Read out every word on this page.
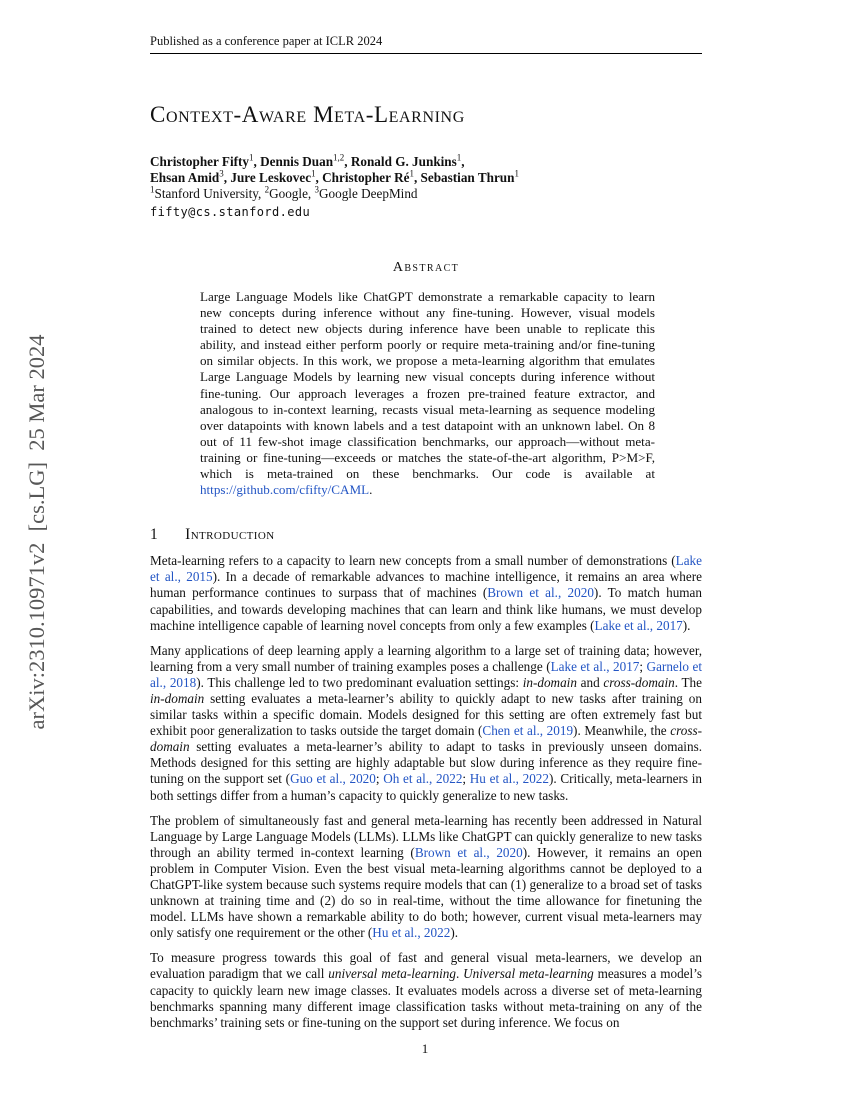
arXiv:2310.10971v2  [cs.LG]  25 Mar 2024
Published as a conference paper at ICLR 2024
Context-Aware Meta-Learning

Christopher Fifty$^1$, Dennis Duan$^{1,2}$, Ronald G. Junkins$^1$,

Ehsan Amid$^3$, Jure Leskovec$^1$, Christopher $Ré^1$, Sebastian Thrun$^1$

$^1$Stanford University, $^2$Google, $^3$Google DeepMind

fifty@cs.stanford.edu

Abstract

Large Language Models like ChatGPT demonstrate a remarkable capacity to learn new concepts during inference without any fine-tuning. However, visual models trained to detect new objects during inference have been unable to replicate this ability, and instead either perform poorly or require meta-training and/or fine-tuning on similar objects. In this work, we propose a meta-learning algorithm that emulates Large Language Models by learning new visual concepts during inference without fine-tuning. Our approach leverages a frozen pre-trained feature extractor, and analogous to in-context learning, recasts visual meta-learning as sequence modeling over datapoints with known labels and a test datapoint with an unknown label. On 8 out of 11 few-shot image classification benchmarks, our approach—without meta-training or fine-tuning—exceeds or matches the state-of-the-art algorithm, P>M>F, which is meta-trained on these benchmarks. Our code is available at https://github.com/cfifty/CAML.

1 Introduction

Meta-learning refers to a capacity to learn new concepts from a small number of demonstrations (Lake et al., 2015). In a decade of remarkable advances to machine intelligence, it remains an area where human performance continues to surpass that of machines (Brown et al., 2020). To match human capabilities, and towards developing machines that can learn and think like humans, we must develop machine intelligence capable of learning novel concepts from only a few examples (Lake et al., 2017).

Many applications of deep learning apply a learning algorithm to a large set of training data; however, learning from a very small number of training examples poses a challenge (Lake et al., 2017; Garnelo et al., 2018). This challenge led to two predominant evaluation settings: in-domain and cross-domain. The in-domain setting evaluates a meta-learner’s ability to quickly adapt to new tasks after training on similar tasks within a specific domain. Models designed for this setting are often extremely fast but exhibit poor generalization to tasks outside the target domain (Chen et al., 2019). Meanwhile, the cross-domain setting evaluates a meta-learner’s ability to adapt to tasks in previously unseen domains. Methods designed for this setting are highly adaptable but slow during inference as they require fine-tuning on the support set (Guo et al., 2020; Oh et al., 2022; Hu et al., 2022). Critically, meta-learners in both settings differ from a human’s capacity to quickly generalize to new tasks.

The problem of simultaneously fast and general meta-learning has recently been addressed in Natural Language by Large Language Models (LLMs). LLMs like ChatGPT can quickly generalize to new tasks through an ability termed in-context learning (Brown et al., 2020). However, it remains an open problem in Computer Vision. Even the best visual meta-learning algorithms cannot be deployed to a ChatGPT-like system because such systems require models that can (1) generalize to a broad set of tasks unknown at training time and (2) do so in real-time, without the time allowance for finetuning the model. LLMs have shown a remarkable ability to do both; however, current visual meta-learners may only satisfy one requirement or the other (Hu et al., 2022).

To measure progress towards this goal of fast and general visual meta-learners, we develop an evaluation paradigm that we call universal meta-learning. Universal meta-learning measures a model’s capacity to quickly learn new image classes. It evaluates models across a diverse set of meta-learning benchmarks spanning many different image classification tasks without meta-training on any of the benchmarks’ training sets or fine-tuning on the support set during inference. We focus on

1
